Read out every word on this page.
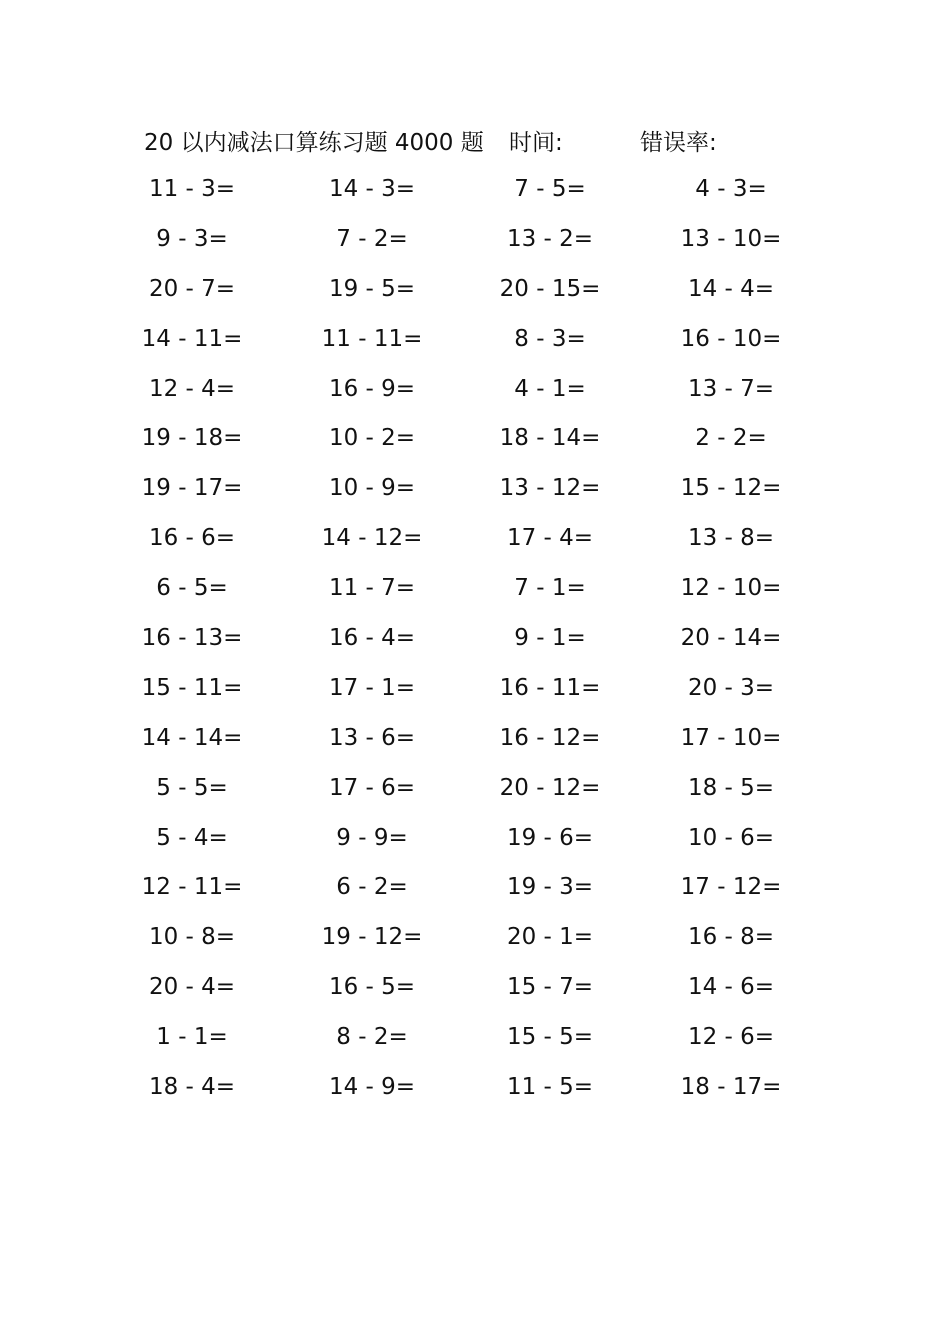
20 以内减法口算练习题 4000 题 时间:	错误率:
11 - 3=	14 - 3=	7 - 5=	4 - 3=
9 - 3=	7 - 2=	13 - 2=	13 - 10=
20 - 7=	19 - 5=	20 - 15=	14 - 4=
14 - 11=	11 - 11=	8 - 3=	16 - 10=
12 - 4=	16 - 9=	4 - 1=	13 - 7=
19 - 18=	10 - 2=	18 - 14=	2 - 2=
19 - 17=	10 - 9=	13 - 12=	15 - 12=
16 - 6=	14 - 12=	17 - 4=	13 - 8=
6 - 5=	11 - 7=	7 - 1=	12 - 10=
16 - 13=	16 - 4=	9 - 1=	20 - 14=
15 - 11=	17 - 1=	16 - 11=	20 - 3=
14 - 14=	13 - 6=	16 - 12=	17 - 10=
5 - 5=	17 - 6=	20 - 12=	18 - 5=
5 - 4=	9 - 9=	19 - 6=	10 - 6=
12 - 11=	6 - 2=	19 - 3=	17 - 12=
10 - 8=	19 - 12=	20 - 1=	16 - 8=
20 - 4=	16 - 5=	15 - 7=	14 - 6=
1 - 1=	8 - 2=	15 - 5=	12 - 6=
18 - 4=	14 - 9=	11 - 5=	18 - 17=
